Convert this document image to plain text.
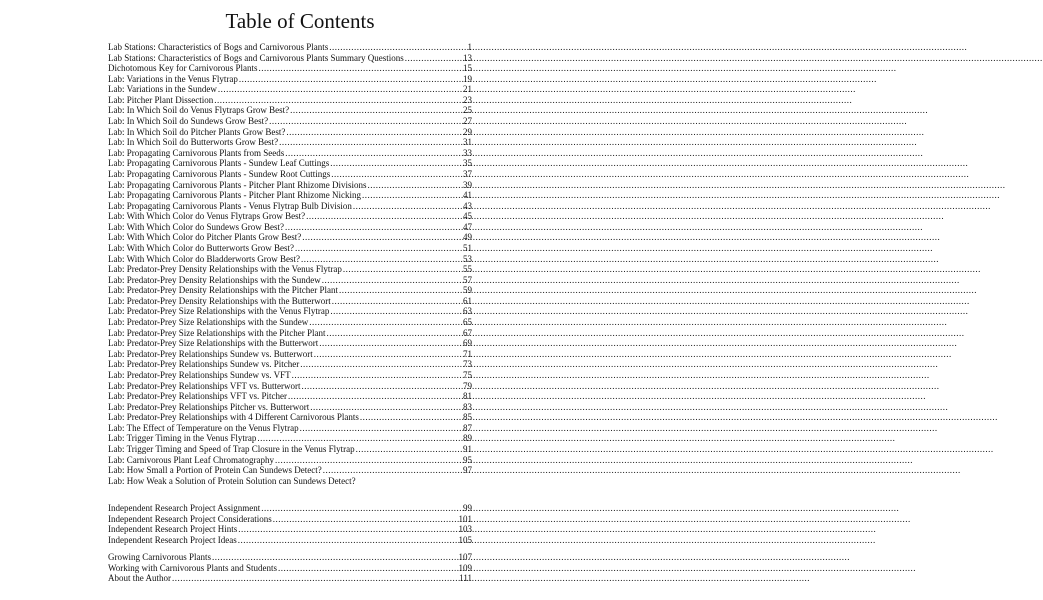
Table of Contents
Lab Stations: Characteristics of Bogs and Carnivorous Plants .....	1
Lab Stations: Characteristics of Bogs and Carnivorous Plants Summary Questions .....	13
Dichotomous Key for Carnivorous Plants .....	15
Lab: Variations in the Venus Flytrap .....	19
Lab: Variations in the Sundew .....	21
Lab: Pitcher Plant Dissection .....	23
Lab: In Which Soil do Venus Flytraps Grow Best? .....	25
Lab: In Which Soil do Sundews Grow Best? .....	27
Lab: In Which Soil do Pitcher Plants Grow Best? .....	29
Lab: In Which Soil do Butterworts Grow Best? .....	31
Lab: Propagating Carnivorous Plants from Seeds .....	33
Lab: Propagating Carnivorous Plants - Sundew Leaf Cuttings .....	35
Lab: Propagating Carnivorous Plants - Sundew Root Cuttings .....	37
Lab: Propagating Carnivorous Plants - Pitcher Plant Rhizome Divisions .....	39
Lab: Propagating Carnivorous Plants - Pitcher Plant Rhizome Nicking .....	41
Lab: Propagating Carnivorous Plants - Venus Flytrap Bulb Division .....	43
Lab: With Which Color do Venus Flytraps Grow Best? .....	45
Lab: With Which Color do Sundews Grow Best? .....	47
Lab: With Which Color do Pitcher Plants Grow Best? .....	49
Lab: With Which Color do Butterworts Grow Best? .....	51
Lab: With Which Color do Bladderworts Grow Best? .....	53
Lab: Predator-Prey Density Relationships with the Venus Flytrap .....	55
Lab: Predator-Prey Density Relationships with the Sundew .....	57
Lab: Predator-Prey Density Relationships with the Pitcher Plant .....	59
Lab: Predator-Prey Density Relationships with the Butterwort .....	61
Lab: Predator-Prey Size Relationships with the Venus Flytrap .....	63
Lab: Predator-Prey Size Relationships with the Sundew .....	65
Lab: Predator-Prey Size Relationships with the Pitcher Plant .....	67
Lab: Predator-Prey Size Relationships with the Butterwort .....	69
Lab: Predator-Prey Relationships Sundew vs. Butterwort .....	71
Lab: Predator-Prey Relationships Sundew vs. Pitcher .....	73
Lab: Predator-Prey Relationships Sundew vs. VFT .....	75
Lab: Predator-Prey Relationships VFT vs. Butterwort .....	79
Lab: Predator-Prey Relationships VFT vs. Pitcher .....	81
Lab: Predator-Prey Relationships Pitcher vs. Butterwort .....	83
Lab: Predator-Prey Relationships with 4 Different Carnivorous Plants .....	85
Lab: The Effect of Temperature on the Venus Flytrap .....	87
Lab: Trigger Timing in the Venus Flytrap .....	89
Lab: Trigger Timing and Speed of Trap Closure in the Venus Flytrap .....	91
Lab: Carnivorous Plant Leaf Chromatography .....	95
Lab: How Small a Portion of Protein Can Sundews Detect? .....	97
Lab: How Weak a Solution of Protein Solution can Sundews Detect?
Independent Research Project Assignment .....	99
Independent Research Project Considerations .....	101
Independent Research Project Hints .....	103
Independent Research Project Ideas .....	105
Growing Carnivorous Plants .....	107
Working with Carnivorous Plants and Students .....	109
About the Author .....	111
